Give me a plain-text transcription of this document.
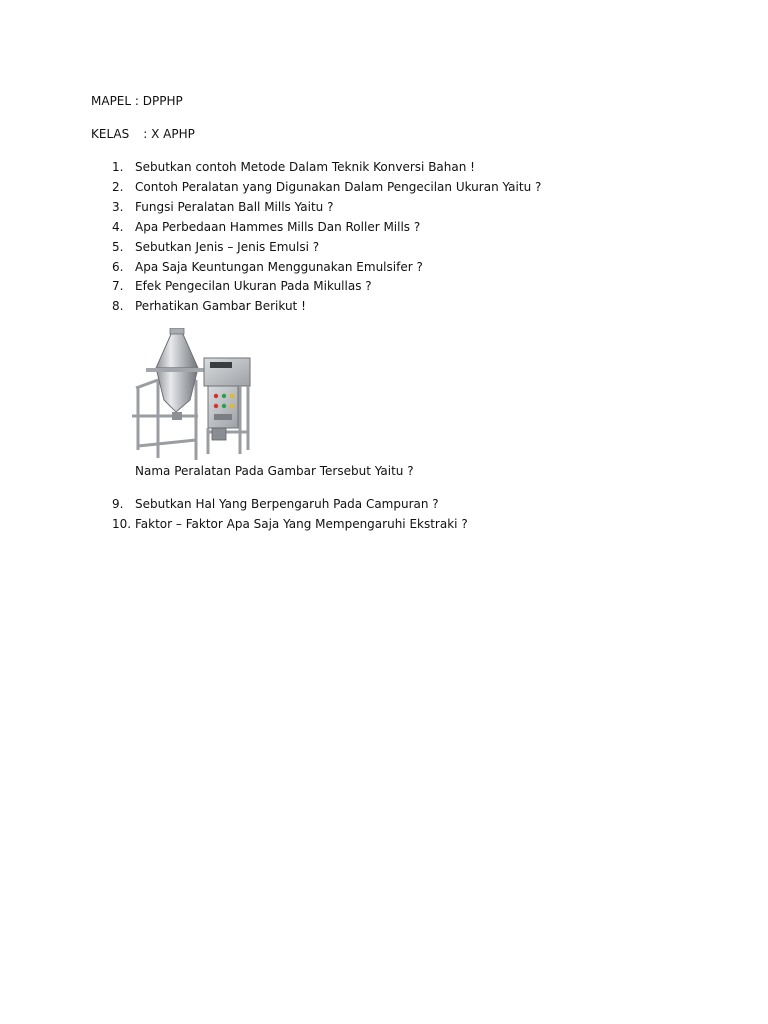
MAPEL : DPPHP
KELAS : X APHP
1. Sebutkan contoh Metode Dalam Teknik Konversi Bahan !
2. Contoh Peralatan yang Digunakan Dalam Pengecilan Ukuran Yaitu ?
3. Fungsi Peralatan Ball Mills Yaitu ?
4. Apa Perbedaan Hammes Mills Dan Roller Mills ?
5. Sebutkan Jenis – Jenis Emulsi ?
6. Apa Saja Keuntungan Menggunakan Emulsifer ?
7. Efek Pengecilan Ukuran Pada Mikullas ?
8. Perhatikan Gambar Berikut !
Nama Peralatan Pada Gambar Tersebut Yaitu ?
9. Sebutkan Hal Yang Berpengaruh Pada Campuran ?
10. Faktor – Faktor Apa Saja Yang Mempengaruhi Ekstraki ?
